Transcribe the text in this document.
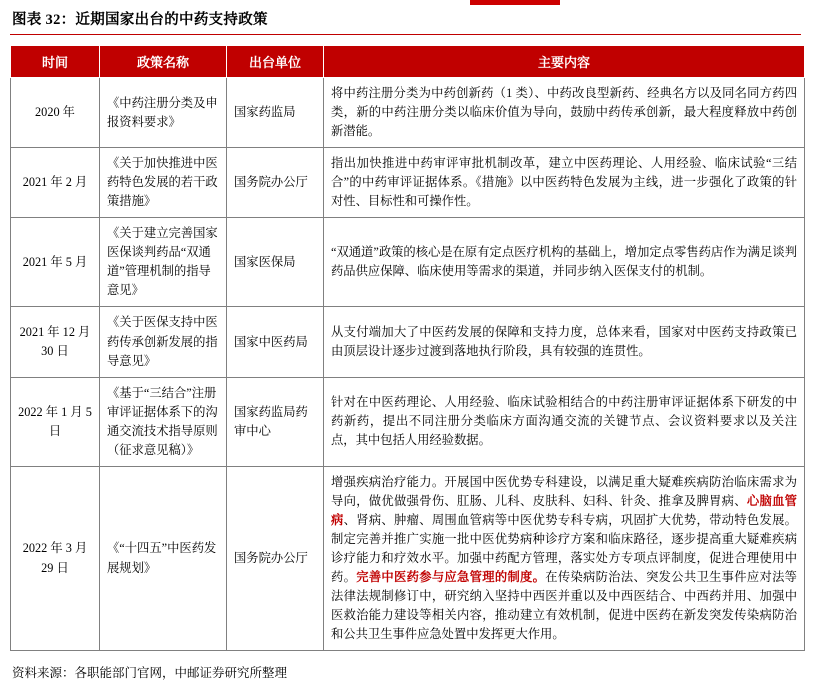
图表 32：近期国家出台的中药支持政策
时间	政策名称	出台单位	主要内容
2020 年	《中药注册分类及申报资料要求》	国家药监局	将中药注册分类为中药创新药（1 类）、中药改良型新药、经典名方以及同名同方药四类，新的中药注册分类以临床价值为导向，鼓励中药传承创新，最大程度释放中药创新潜能。
2021 年 2 月	《关于加快推进中医药特色发展的若干政策措施》	国务院办公厅	指出加快推进中药审评审批机制改革，建立中医药理论、人用经验、临床试验“三结合”的中药审评证据体系。《措施》以中医药特色发展为主线，进一步强化了政策的针对性、目标性和可操作性。
2021 年 5 月	《关于建立完善国家医保谈判药品“双通道”管理机制的指导意见》	国家医保局	“双通道”政策的核心是在原有定点医疗机构的基础上，增加定点零售药店作为满足谈判药品供应保障、临床使用等需求的渠道，并同步纳入医保支付的机制。
2021 年 12 月 30 日	《关于医保支持中医药传承创新发展的指导意见》	国家中医药局	从支付端加大了中医药发展的保障和支持力度，总体来看，国家对中医药支持政策已由顶层设计逐步过渡到落地执行阶段，具有较强的连贯性。
2022 年 1 月 5 日	《基于“三结合”注册审评证据体系下的沟通交流技术指导原则（征求意见稿）》	国家药监局药审中心	针对在中医药理论、人用经验、临床试验相结合的中药注册审评证据体系下研发的中药新药，提出不同注册分类临床方面沟通交流的关键节点、会议资料要求以及关注点，其中包括人用经验数据。
2022 年 3 月 29 日	《“十四五”中医药发展规划》	国务院办公厅	增强疾病治疗能力。开展国中医优势专科建设，以满足重大疑难疾病防治临床需求为导向，做优做强骨伤、肛肠、儿科、皮肤科、妇科、针灸、推拿及脾胃病、心脑血管病、肾病、肿瘤、周围血管病等中医优势专科专病，巩固扩大优势，带动特色发展。制定完善并推广实施一批中医优势病种诊疗方案和临床路径，逐步提高重大疑难疾病诊疗能力和疗效水平。加强中药配方管理，落实处方专项点评制度，促进合理使用中药。完善中医药参与应急管理的制度。在传染病防治法、突发公共卫生事件应对法等法律法规制修订中，研究纳入坚持中西医并重以及中西医结合、中西药并用、加强中医救治能力建设等相关内容，推动建立有效机制，促进中医药在新发突发传染病防治和公共卫生事件应急处置中发挥更大作用。
资料来源：各职能部门官网，中邮证券研究所整理
